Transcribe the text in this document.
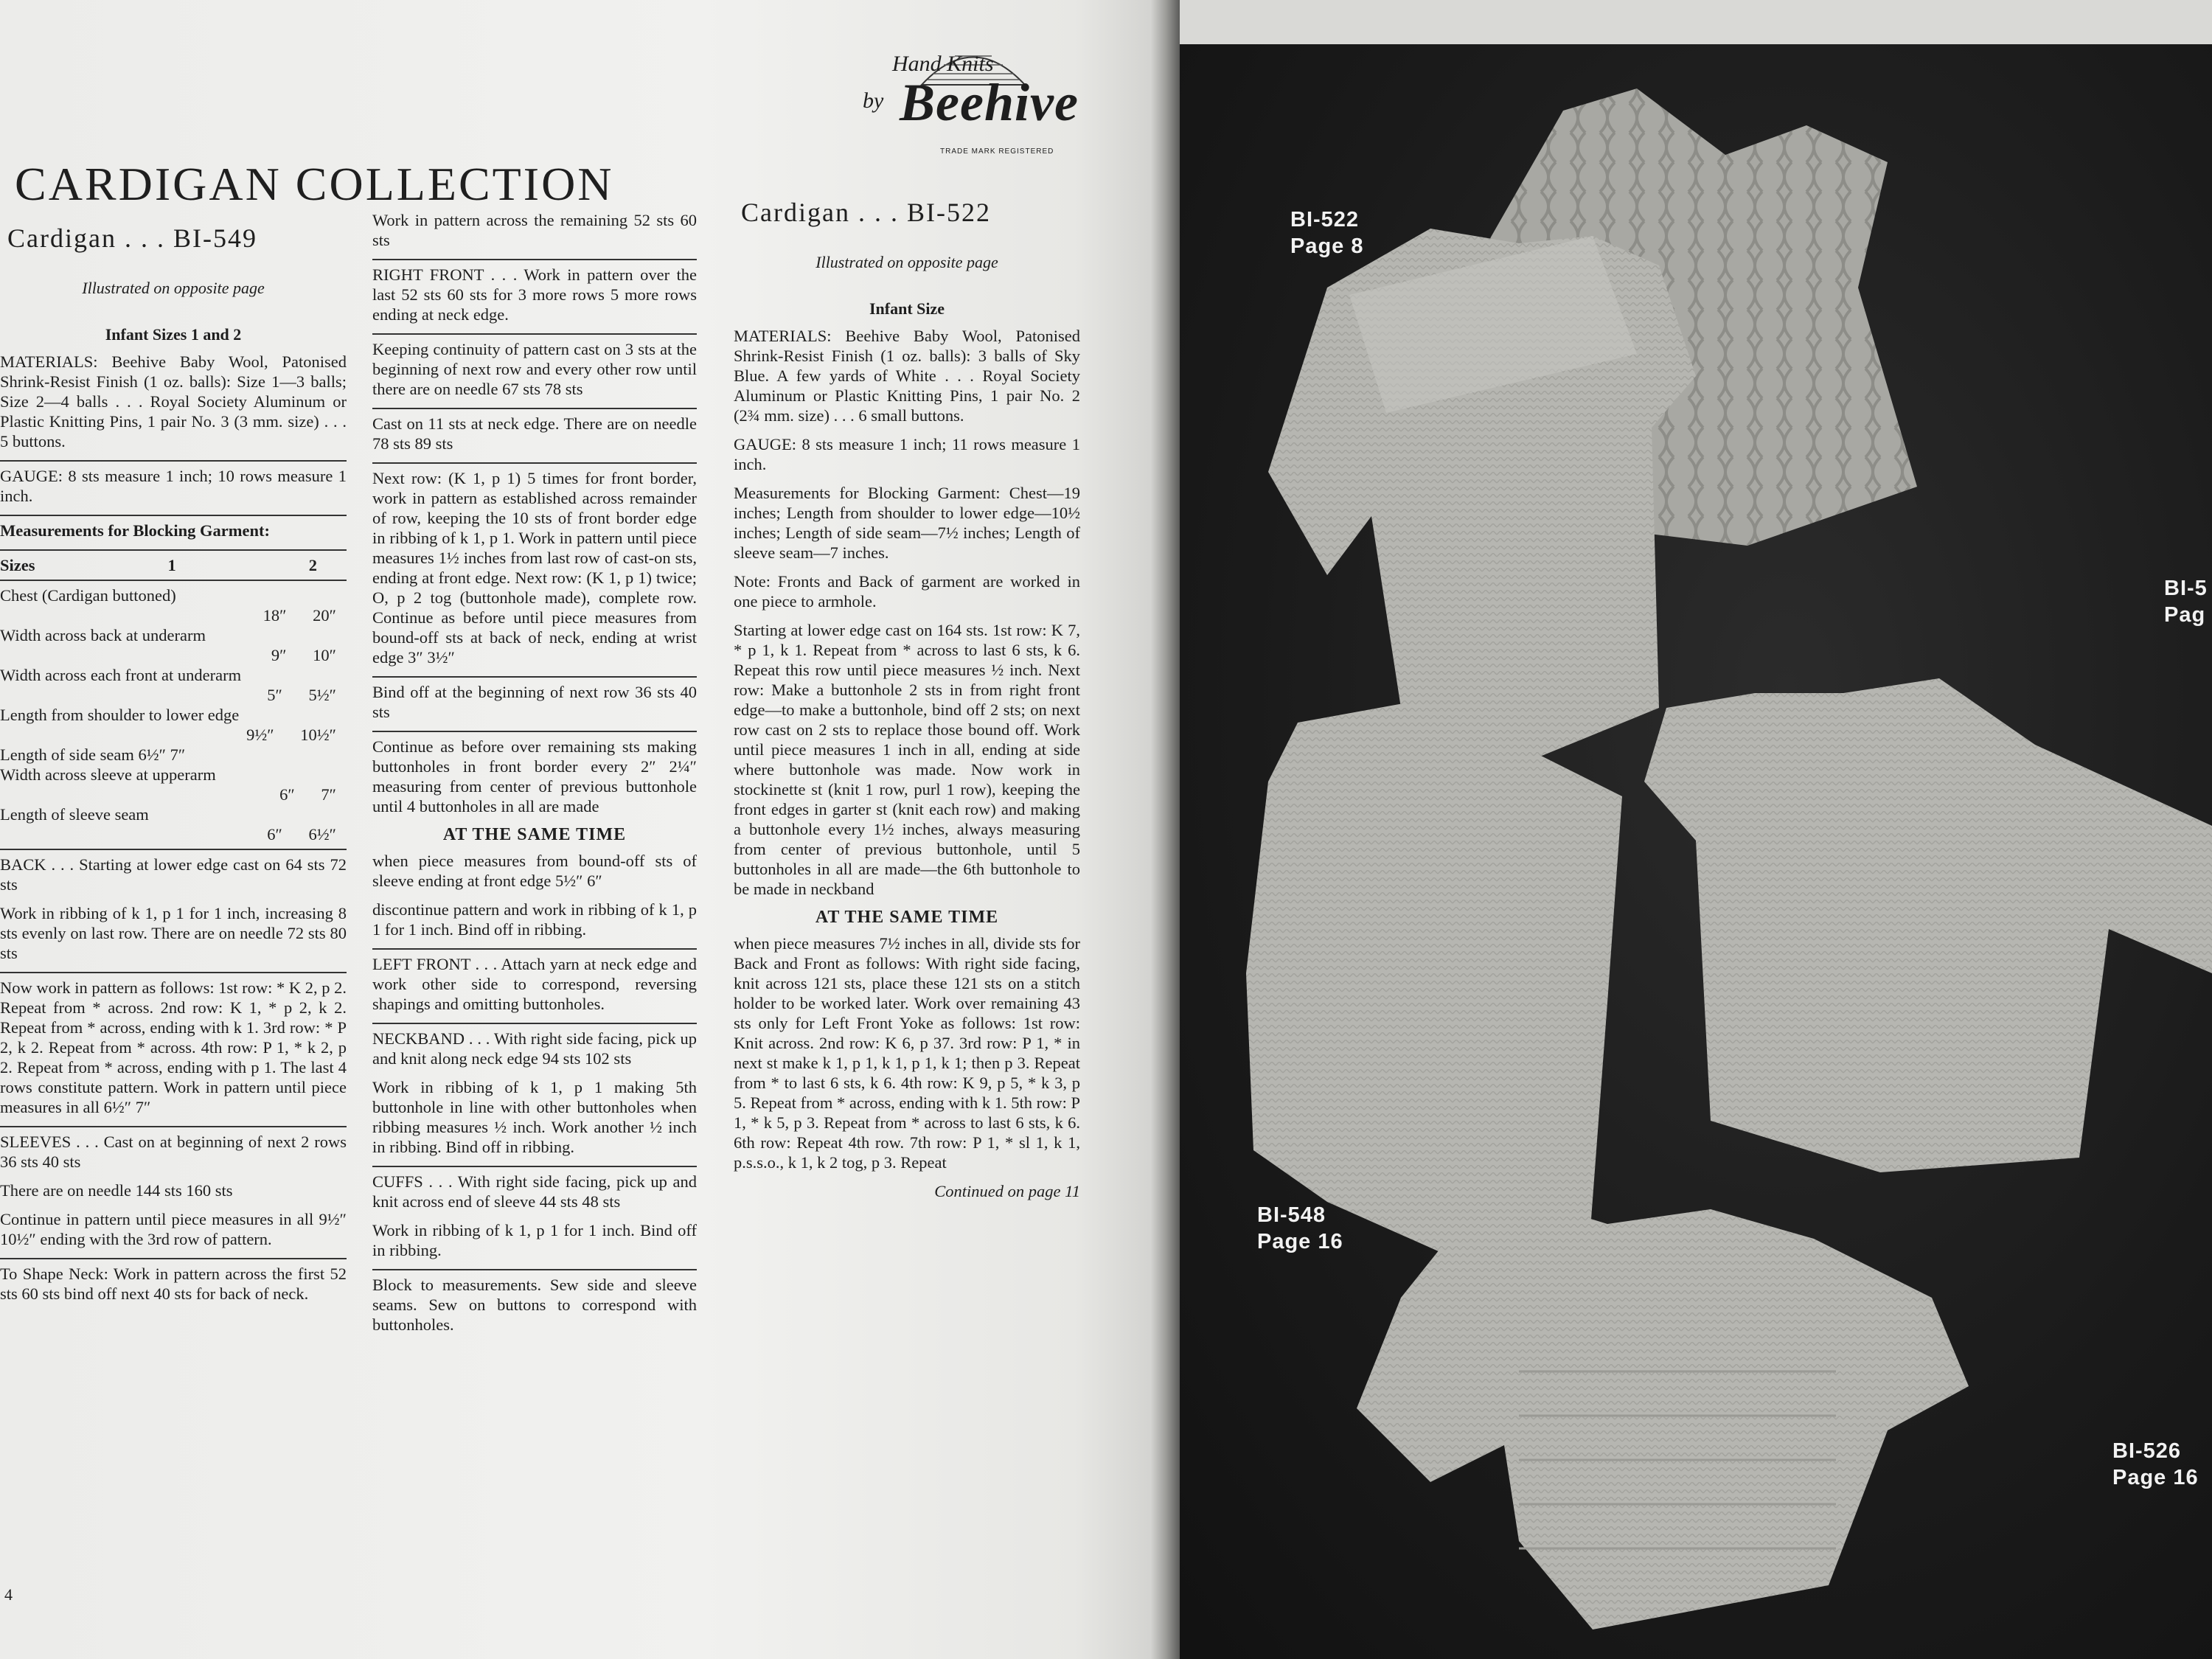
CARDIGAN COLLECTION
Hand Knits
by Beehive
TRADE MARK REGISTERED
Cardigan . . . BI-549
Illustrated on opposite page
Infant Sizes 1 and 2
MATERIALS: Beehive Baby Wool, Patonised Shrink-Resist Finish (1 oz. balls): Size 1—3 balls; Size 2—4 balls . . . Royal Society Aluminum or Plastic Knitting Pins, 1 pair No. 3 (3 mm. size) . . . 5 buttons.
GAUGE: 8 sts measure 1 inch; 10 rows measure 1 inch.
Measurements for Blocking Garment:
Sizes	1	2
Chest (Cardigan buttoned)
18″ 20″
Width across back at underarm
9″ 10″
Width across each front at underarm
5″ 5½″
Length from shoulder to lower edge
9½″ 10½″
Length of side seam 6½″ 7″
Width across sleeve at upperarm
6″ 7″
Length of sleeve seam
6″ 6½″
BACK . . . Starting at lower edge cast on 64 sts 72 sts
Work in ribbing of k 1, p 1 for 1 inch, increasing 8 sts evenly on last row. There are on needle 72 sts 80 sts
Now work in pattern as follows: 1st row: * K 2, p 2. Repeat from * across. 2nd row: K 1, * p 2, k 2. Repeat from * across, ending with k 1. 3rd row: * P 2, k 2. Repeat from * across. 4th row: P 1, * k 2, p 2. Repeat from * across, ending with p 1. The last 4 rows constitute pattern. Work in pattern until piece measures in all 6½″ 7″
SLEEVES . . . Cast on at beginning of next 2 rows 36 sts 40 sts
There are on needle 144 sts 160 sts
Continue in pattern until piece measures in all 9½″ 10½″ ending with the 3rd row of pattern.
To Shape Neck: Work in pattern across the first 52 sts 60 sts bind off next 40 sts for back of neck.
4
Work in pattern across the remaining 52 sts 60 sts
RIGHT FRONT . . . Work in pattern over the last 52 sts 60 sts for 3 more rows 5 more rows ending at neck edge.
Keeping continuity of pattern cast on 3 sts at the beginning of next row and every other row until there are on needle 67 sts 78 sts
Cast on 11 sts at neck edge. There are on needle 78 sts 89 sts
Next row: (K 1, p 1) 5 times for front border, work in pattern as established across remainder of row, keeping the 10 sts of front border edge in ribbing of k 1, p 1. Work in pattern until piece measures 1½ inches from last row of cast-on sts, ending at front edge. Next row: (K 1, p 1) twice; O, p 2 tog (buttonhole made), complete row. Continue as before until piece measures from bound-off sts at back of neck, ending at wrist edge 3″ 3½″
Bind off at the beginning of next row 36 sts 40 sts
Continue as before over remaining sts making buttonholes in front border every 2″ 2¼″ measuring from center of previous buttonhole until 4 buttonholes in all are made
AT THE SAME TIME
when piece measures from bound-off sts of sleeve ending at front edge 5½″ 6″
discontinue pattern and work in ribbing of k 1, p 1 for 1 inch. Bind off in ribbing.
LEFT FRONT . . . Attach yarn at neck edge and work other side to correspond, reversing shapings and omitting buttonholes.
NECKBAND . . . With right side facing, pick up and knit along neck edge 94 sts 102 sts
Work in ribbing of k 1, p 1 making 5th buttonhole in line with other buttonholes when ribbing measures ½ inch. Work another ½ inch in ribbing. Bind off in ribbing.
CUFFS . . . With right side facing, pick up and knit across end of sleeve 44 sts 48 sts
Work in ribbing of k 1, p 1 for 1 inch. Bind off in ribbing.
Block to measurements. Sew side and sleeve seams. Sew on buttons to correspond with buttonholes.
Cardigan . . . BI-522
Illustrated on opposite page
Infant Size
MATERIALS: Beehive Baby Wool, Patonised Shrink-Resist Finish (1 oz. balls): 3 balls of Sky Blue. A few yards of White . . . Royal Society Aluminum or Plastic Knitting Pins, 1 pair No. 2 (2¾ mm. size) . . . 6 small buttons.
GAUGE: 8 sts measure 1 inch; 11 rows measure 1 inch.
Measurements for Blocking Garment: Chest—19 inches; Length from shoulder to lower edge—10½ inches; Length of side seam—7½ inches; Length of sleeve seam—7 inches.
Note: Fronts and Back of garment are worked in one piece to armhole.
Starting at lower edge cast on 164 sts. 1st row: K 7, * p 1, k 1. Repeat from * across to last 6 sts, k 6. Repeat this row until piece measures ½ inch. Next row: Make a buttonhole 2 sts in from right front edge—to make a buttonhole, bind off 2 sts; on next row cast on 2 sts to replace those bound off. Work until piece measures 1 inch in all, ending at side where buttonhole was made. Now work in stockinette st (knit 1 row, purl 1 row), keeping the front edges in garter st (knit each row) and making a buttonhole every 1½ inches, always measuring from center of previous buttonhole, until 5 buttonholes in all are made—the 6th buttonhole to be made in neckband
AT THE SAME TIME
when piece measures 7½ inches in all, divide sts for Back and Front as follows: With right side facing, knit across 121 sts, place these 121 sts on a stitch holder to be worked later. Work over remaining 43 sts only for Left Front Yoke as follows: 1st row: Knit across. 2nd row: K 6, p 37. 3rd row: P 1, * in next st make k 1, p 1, k 1, p 1, k 1; then p 3. Repeat from * to last 6 sts, k 6. 4th row: K 9, p 5, * k 3, p 5. Repeat from * across, ending with k 1. 5th row: P 1, * k 5, p 3. Repeat from * across to last 6 sts, k 6. 6th row: Repeat 4th row. 7th row: P 1, * sl 1, k 1, p.s.s.o., k 1, k 2 tog, p 3. Repeat
Continued on page 11
BI-522
Page 8
BI-5
Pag
BI-548
Page 16
BI-526
Page 16
